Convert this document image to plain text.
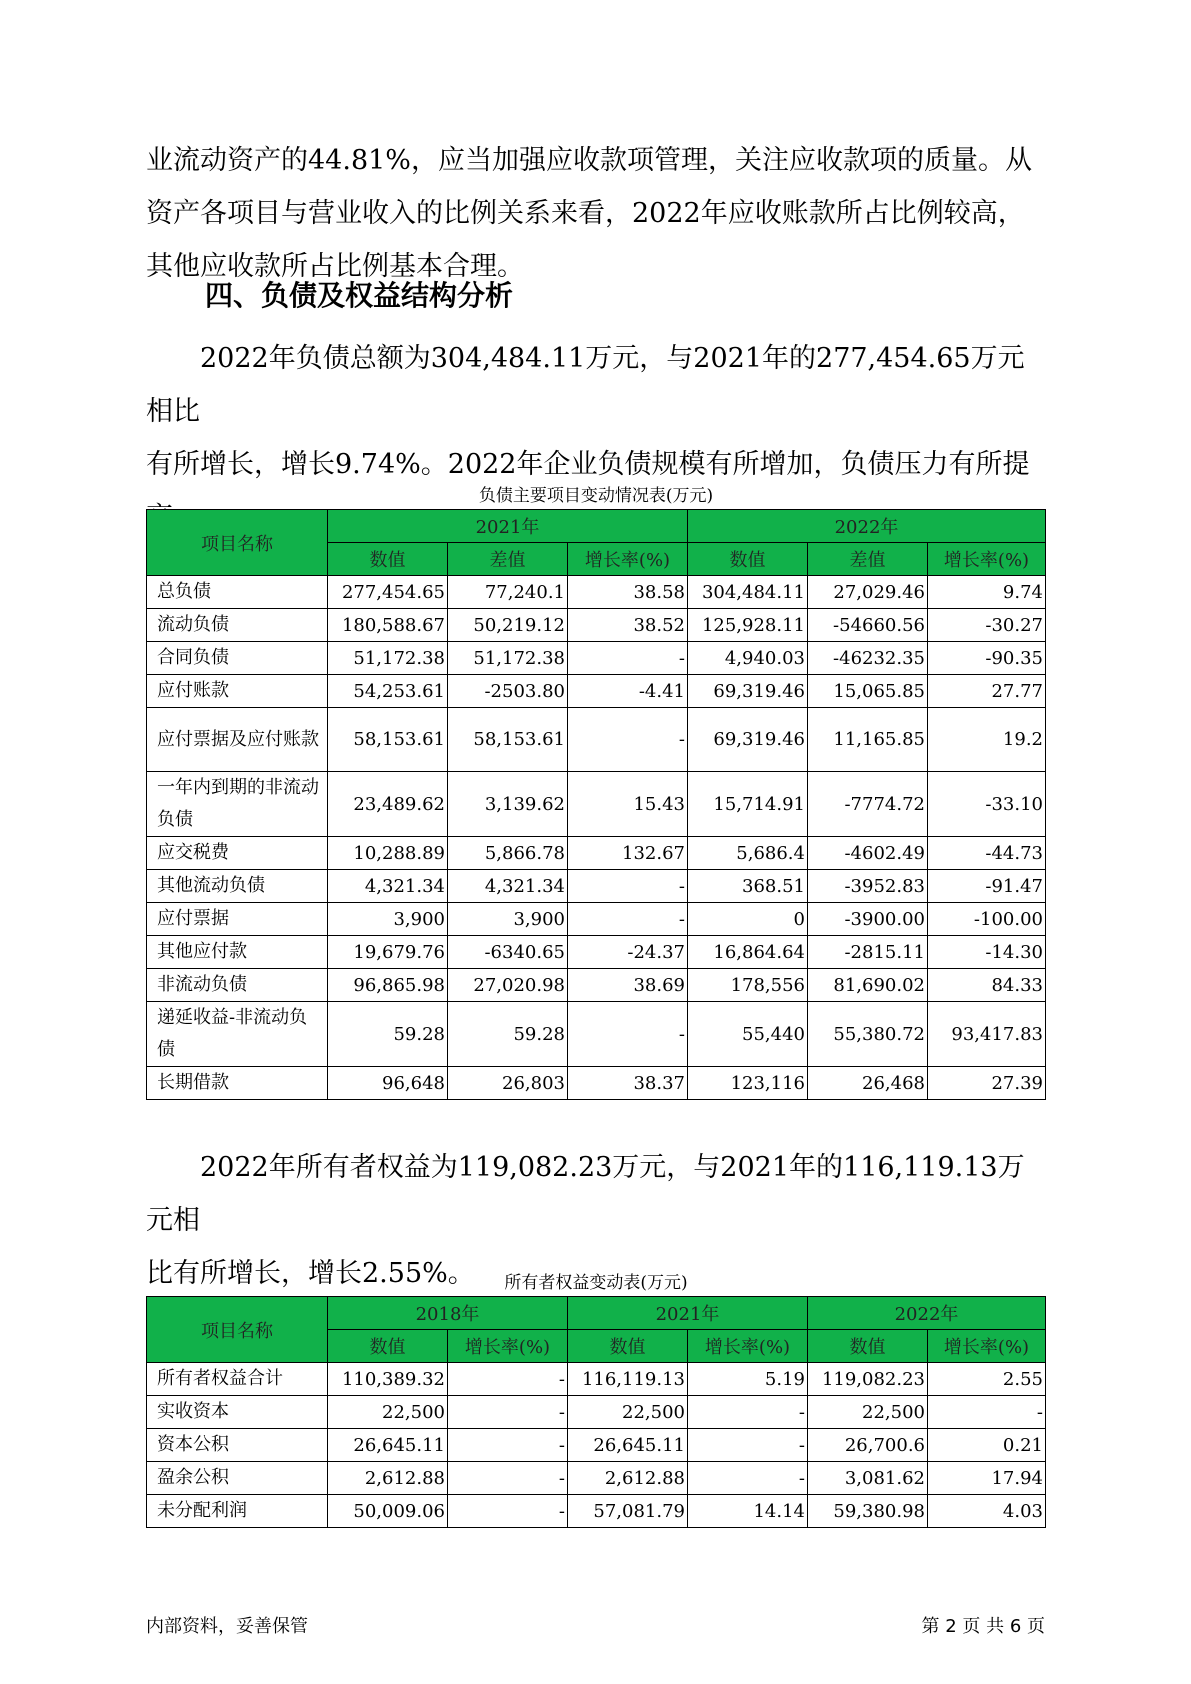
业流动资产的44.81%，应当加强应收款项管理，关注应收款项的质量。从
资产各项目与营业收入的比例关系来看，2022年应收账款所占比例较高，
其他应收款所占比例基本合理。

四、负债及权益结构分析

2022年负债总额为304,484.11万元，与2021年的277,454.65万元相比
有所增长，增长9.74%。2022年企业负债规模有所增加，负债压力有所提

负债主要项目变动情况表(万元)
项目名称	2021年			2022年		
	数值	差值	增长率(%)	数值	差值	增长率(%)
总负债	277,454.65	77,240.1	38.58	304,484.11	27,029.46	9.74
流动负债	180,588.67	50,219.12	38.52	125,928.11	-54660.56	-30.27
合同负债	51,172.38	51,172.38	-	4,940.03	-46232.35	-90.35
应付账款	54,253.61	-2503.80	-4.41	69,319.46	15,065.85	27.77
应付票据及应付账款	58,153.61	58,153.61	-	69,319.46	11,165.85	19.2
一年内到期的非流动负债	23,489.62	3,139.62	15.43	15,714.91	-7774.72	-33.10
应交税费	10,288.89	5,866.78	132.67	5,686.4	-4602.49	-44.73
其他流动负债	4,321.34	4,321.34	-	368.51	-3952.83	-91.47
应付票据	3,900	3,900	-	0	-3900.00	-100.00
其他应付款	19,679.76	-6340.65	-24.37	16,864.64	-2815.11	-14.30
非流动负债	96,865.98	27,020.98	38.69	178,556	81,690.02	84.33
递延收益-非流动负债	59.28	59.28	-	55,440	55,380.72	93,417.83
长期借款	96,648	26,803	38.37	123,116	26,468	27.39

2022年所有者权益为119,082.23万元，与2021年的116,119.13万元相
比有所增长，增长2.55%。	所有者权益变动表(万元)
项目名称	2018年		2021年		2022年	
	数值	增长率(%)	数值	增长率(%)	数值	增长率(%)
所有者权益合计	110,389.32	-	116,119.13	5.19	119,082.23	2.55
实收资本	22,500	-	22,500	-	22,500	-
资本公积	26,645.11	-	26,645.11	-	26,700.6	0.21
盈余公积	2,612.88	-	2,612.88	-	3,081.62	17.94
未分配利润	50,009.06	-	57,081.79	14.14	59,380.98	4.03
内部资料，妥善保管	第 2 页 共 6 页
